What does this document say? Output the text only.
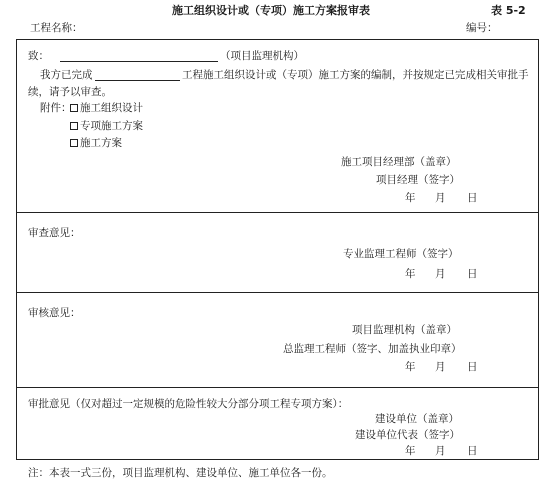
施工组织设计或（专项）施工方案报审表	表 5-2
工程名称：	编号：
致：	（项目监理机构）
我方已完成	工程施工组织设计或（专项）施工方案的编制，并按规定已完成相关审批手
续，请予以审查。
附件： 施工组织设计
专项施工方案
施工方案
施工项目经理部（盖章）
项目经理（签字）
年 月 日
审查意见：
专业监理工程师（签字）
年 月 日
审核意见：
项目监理机构（盖章）
总监理工程师（签字、加盖执业印章）
年 月 日
审批意见（仅对超过一定规模的危险性较大分部分项工程专项方案）：
建设单位（盖章）
建设单位代表（签字）
年 月 日
注：本表一式三份，项目监理机构、建设单位、施工单位各一份。
